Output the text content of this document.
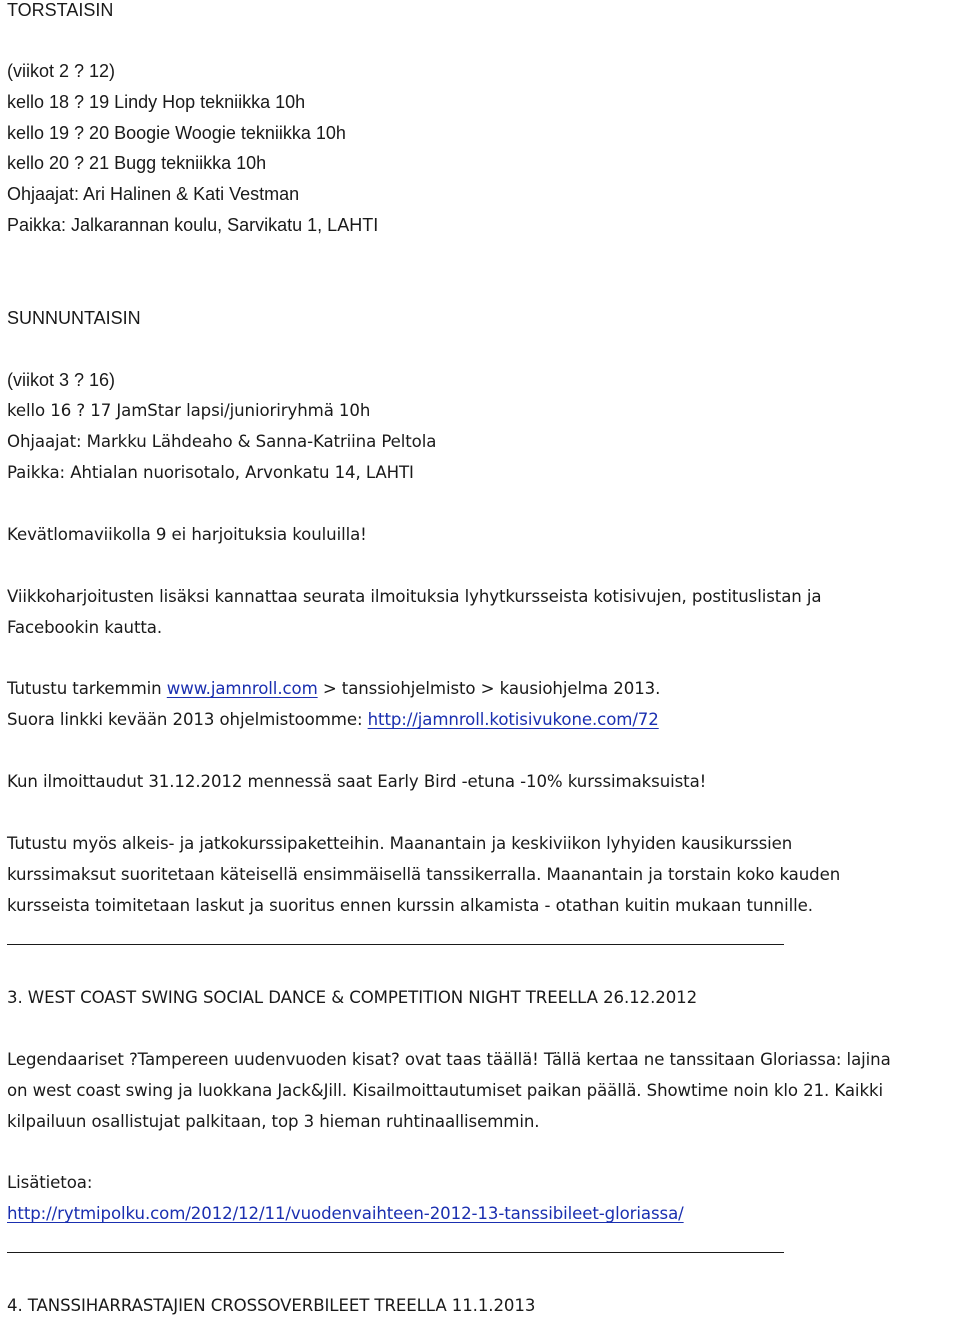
TORSTAISIN
(viikot 2 ? 12)
kello 18 ? 19 Lindy Hop tekniikka 10h
kello 19 ? 20 Boogie Woogie tekniikka 10h
kello 20 ? 21 Bugg tekniikka 10h
Ohjaajat: Ari Halinen & Kati Vestman
Paikka: Jalkarannan koulu, Sarvikatu 1, LAHTI
SUNNUNTAISIN
(viikot 3 ? 16)
kello 16 ? 17 JamStar lapsi/junioriryhmä 10h
Ohjaajat: Markku Lähdeaho & Sanna-Katriina Peltola
Paikka: Ahtialan nuorisotalo, Arvonkatu 14, LAHTI
Kevätlomaviikolla 9 ei harjoituksia kouluilla!
Viikkoharjoitusten lisäksi kannattaa seurata ilmoituksia lyhytkursseista kotisivujen, postituslistan ja
Facebookin kautta.
Tutustu tarkemmin www.jamnroll.com > tanssiohjelmisto > kausiohjelma 2013.
Suora linkki kevään 2013 ohjelmistoomme: http://jamnroll.kotisivukone.com/72
Kun ilmoittaudut 31.12.2012 mennessä saat Early Bird -etuna -10% kurssimaksuista!
Tutustu myös alkeis- ja jatkokurssipaketteihin. Maanantain ja keskiviikon lyhyiden kausikurssien
kurssimaksut suoritetaan käteisellä ensimmäisellä tanssikerralla. Maanantain ja torstain koko kauden
kursseista toimitetaan laskut ja suoritus ennen kurssin alkamista - otathan kuitin mukaan tunnille.
3. WEST COAST SWING SOCIAL DANCE & COMPETITION NIGHT TREELLA 26.12.2012
Legendaariset ?Tampereen uudenvuoden kisat? ovat taas täällä! Tällä kertaa ne tanssitaan Gloriassa: lajina
on west coast swing ja luokkana Jack&Jill. Kisailmoittautumiset paikan päällä. Showtime noin klo 21. Kaikki
kilpailuun osallistujat palkitaan, top 3 hieman ruhtinaallisemmin.
Lisätietoa:
http://rytmipolku.com/2012/12/11/vuodenvaihteen-2012-13-tanssibileet-gloriassa/
4. TANSSIHARRASTAJIEN CROSSOVERBILEET TREELLA 11.1.2013
